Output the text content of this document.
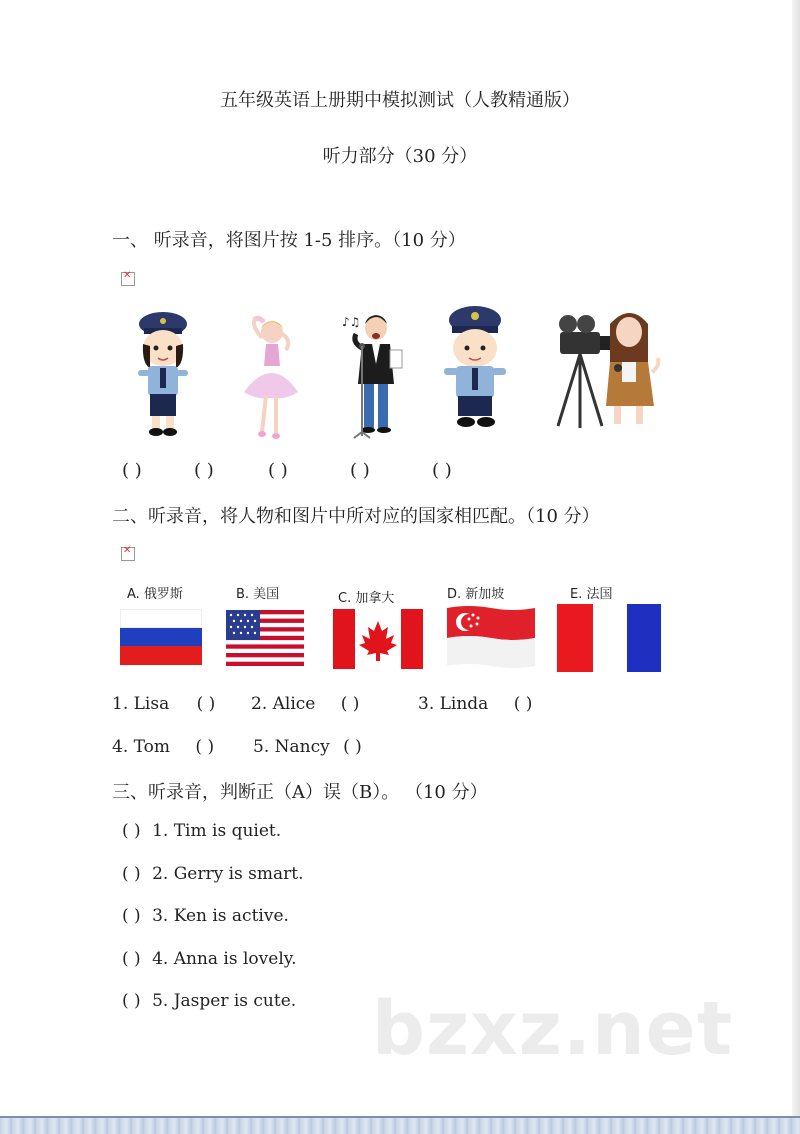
五年级英语上册期中模拟测试（人教精通版）
听力部分（30 分）
一、 听录音，将图片按 1-5 排序。（10 分）
✕
♪♫
( )	( )	( )	( )	( )
二、听录音，将人物和图片中所对应的国家相匹配。（10 分）
✕
A. 俄罗斯	B. 美国	C. 加拿大	D. 新加坡	E. 法国
1. Lisa ( ) 2. Alice ( )	3. Linda ( )
4. Tom ( ) 5. Nancy ( )
三、听录音，判断正（A）误（B）。 （10 分）
( ) 1. Tim is quiet.
( ) 2. Gerry is smart.
( ) 3. Ken is active.
( ) 4. Anna is lovely.
( ) 5. Jasper is cute. bzxz.net
